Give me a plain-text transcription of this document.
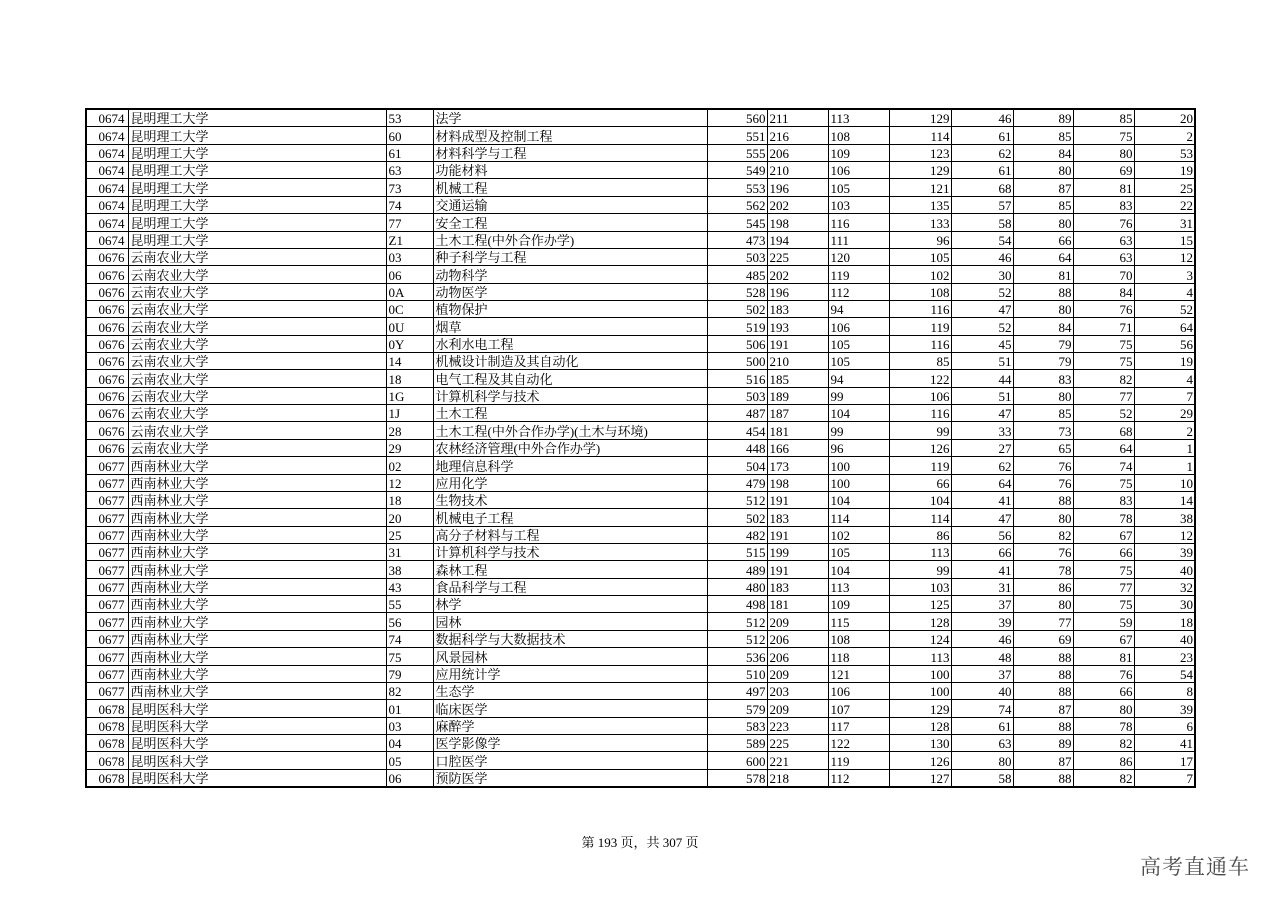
0674	昆明理工大学	53	法学	560	211	113	129	46	89	85	20
0674	昆明理工大学	60	材料成型及控制工程	551	216	108	114	61	85	75	2
0674	昆明理工大学	61	材料科学与工程	555	206	109	123	62	84	80	53
0674	昆明理工大学	63	功能材料	549	210	106	129	61	80	69	19
0674	昆明理工大学	73	机械工程	553	196	105	121	68	87	81	25
0674	昆明理工大学	74	交通运输	562	202	103	135	57	85	83	22
0674	昆明理工大学	77	安全工程	545	198	116	133	58	80	76	31
0674	昆明理工大学	Z1	土木工程(中外合作办学)	473	194	111	96	54	66	63	15
0676	云南农业大学	03	种子科学与工程	503	225	120	105	46	64	63	12
0676	云南农业大学	06	动物科学	485	202	119	102	30	81	70	3
0676	云南农业大学	0A	动物医学	528	196	112	108	52	88	84	4
0676	云南农业大学	0C	植物保护	502	183	94	116	47	80	76	52
0676	云南农业大学	0U	烟草	519	193	106	119	52	84	71	64
0676	云南农业大学	0Y	水利水电工程	506	191	105	116	45	79	75	56
0676	云南农业大学	14	机械设计制造及其自动化	500	210	105	85	51	79	75	19
0676	云南农业大学	18	电气工程及其自动化	516	185	94	122	44	83	82	4
0676	云南农业大学	1G	计算机科学与技术	503	189	99	106	51	80	77	7
0676	云南农业大学	1J	土木工程	487	187	104	116	47	85	52	29
0676	云南农业大学	28	土木工程(中外合作办学)(土木与环境)	454	181	99	99	33	73	68	2
0676	云南农业大学	29	农林经济管理(中外合作办学)	448	166	96	126	27	65	64	1
0677	西南林业大学	02	地理信息科学	504	173	100	119	62	76	74	1
0677	西南林业大学	12	应用化学	479	198	100	66	64	76	75	10
0677	西南林业大学	18	生物技术	512	191	104	104	41	88	83	14
0677	西南林业大学	20	机械电子工程	502	183	114	114	47	80	78	38
0677	西南林业大学	25	高分子材料与工程	482	191	102	86	56	82	67	12
0677	西南林业大学	31	计算机科学与技术	515	199	105	113	66	76	66	39
0677	西南林业大学	38	森林工程	489	191	104	99	41	78	75	40
0677	西南林业大学	43	食品科学与工程	480	183	113	103	31	86	77	32
0677	西南林业大学	55	林学	498	181	109	125	37	80	75	30
0677	西南林业大学	56	园林	512	209	115	128	39	77	59	18
0677	西南林业大学	74	数据科学与大数据技术	512	206	108	124	46	69	67	40
0677	西南林业大学	75	风景园林	536	206	118	113	48	88	81	23
0677	西南林业大学	79	应用统计学	510	209	121	100	37	88	76	54
0677	西南林业大学	82	生态学	497	203	106	100	40	88	66	8
0678	昆明医科大学	01	临床医学	579	209	107	129	74	87	80	39
0678	昆明医科大学	03	麻醉学	583	223	117	128	61	88	78	6
0678	昆明医科大学	04	医学影像学	589	225	122	130	63	89	82	41
0678	昆明医科大学	05	口腔医学	600	221	119	126	80	87	86	17
0678	昆明医科大学	06	预防医学	578	218	112	127	58	88	82	7
第 193 页，共 307 页
高考直通车
